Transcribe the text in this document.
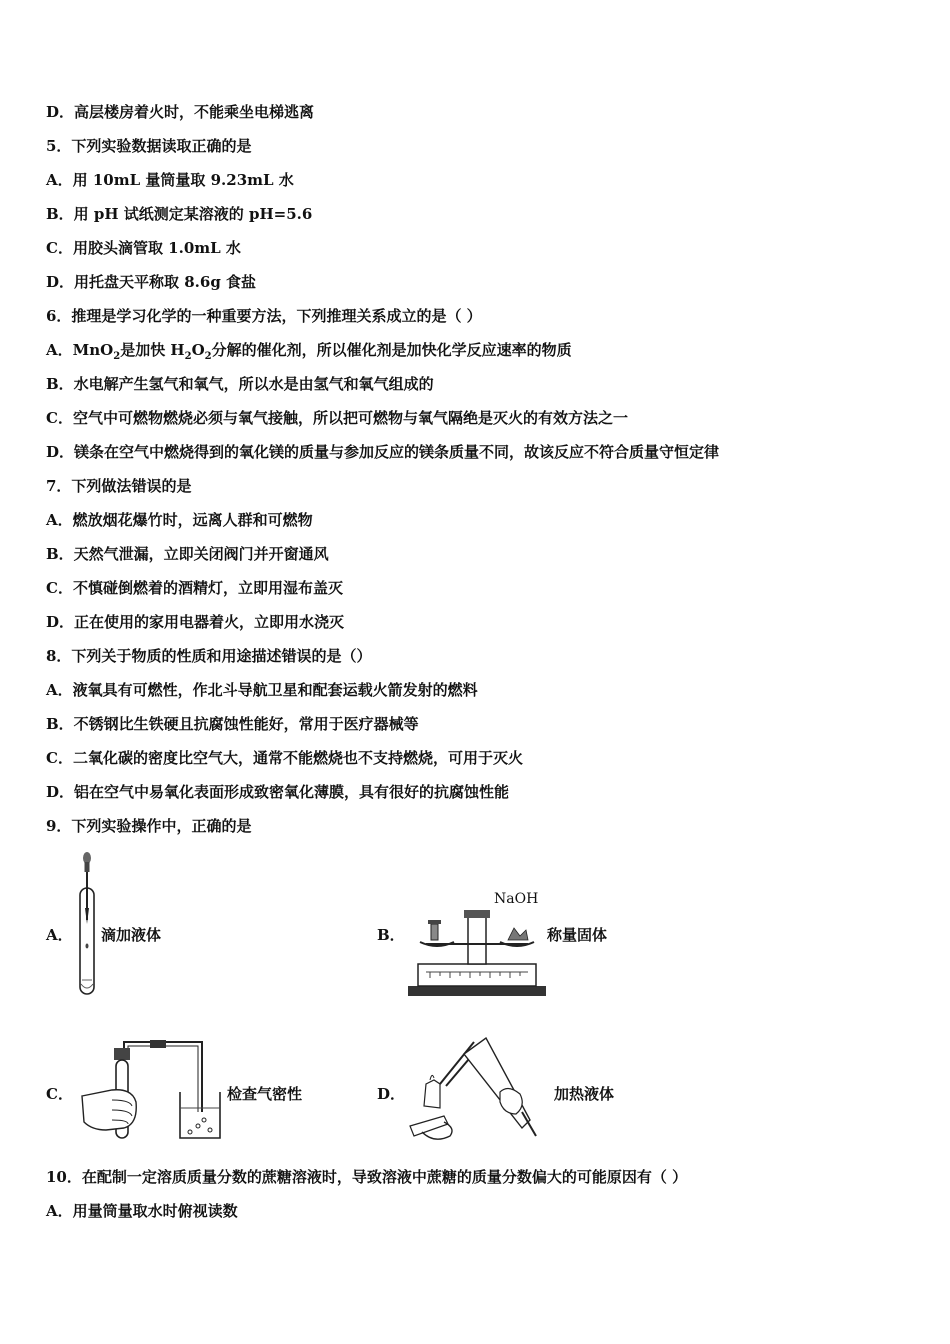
D．高层楼房着火时，不能乘坐电梯逃离
5．下列实验数据读取正确的是
A．用 10mL 量筒量取 9.23mL 水
B．用 pH 试纸测定某溶液的 pH=5.6
C．用胶头滴管取 1.0mL 水
D．用托盘天平称取 8.6g 食盐
6．推理是学习化学的一种重要方法，下列推理关系成立的是（ ）
A．MnO$_2$是加快 $H_2O_2$分解的催化剂，所以催化剂是加快化学反应速率的物质
B．水电解产生氢气和氧气，所以水是由氢气和氧气组成的
C．空气中可燃物燃烧必须与氧气接触，所以把可燃物与氧气隔绝是灭火的有效方法之一
D．镁条在空气中燃烧得到的氧化镁的质量与参加反应的镁条质量不同，故该反应不符合质量守恒定律
7．下列做法错误的是
A．燃放烟花爆竹时，远离人群和可燃物
B．天然气泄漏，立即关闭阀门并开窗通风
C．不慎碰倒燃着的酒精灯，立即用湿布盖灭
D．正在使用的家用电器着火，立即用水浇灭
8．下列关于物质的性质和用途描述错误的是（）
A．液氧具有可燃性，作北斗导航卫星和配套运载火箭发射的燃料
B．不锈钢比生铁硬且抗腐蚀性能好，常用于医疗器械等
C．二氧化碳的密度比空气大，通常不能燃烧也不支持燃烧，可用于灭火
D．铝在空气中易氧化表面形成致密氧化薄膜，具有很好的抗腐蚀性能
9．下列实验操作中，正确的是
A． 滴加液体	B．
NaOH
称量固体
C．	检查气密性	D．	加热液体
10．在配制一定溶质质量分数的蔗糖溶液时，导致溶液中蔗糖的质量分数偏大的可能原因有（ ）
A．用量筒量取水时俯视读数
